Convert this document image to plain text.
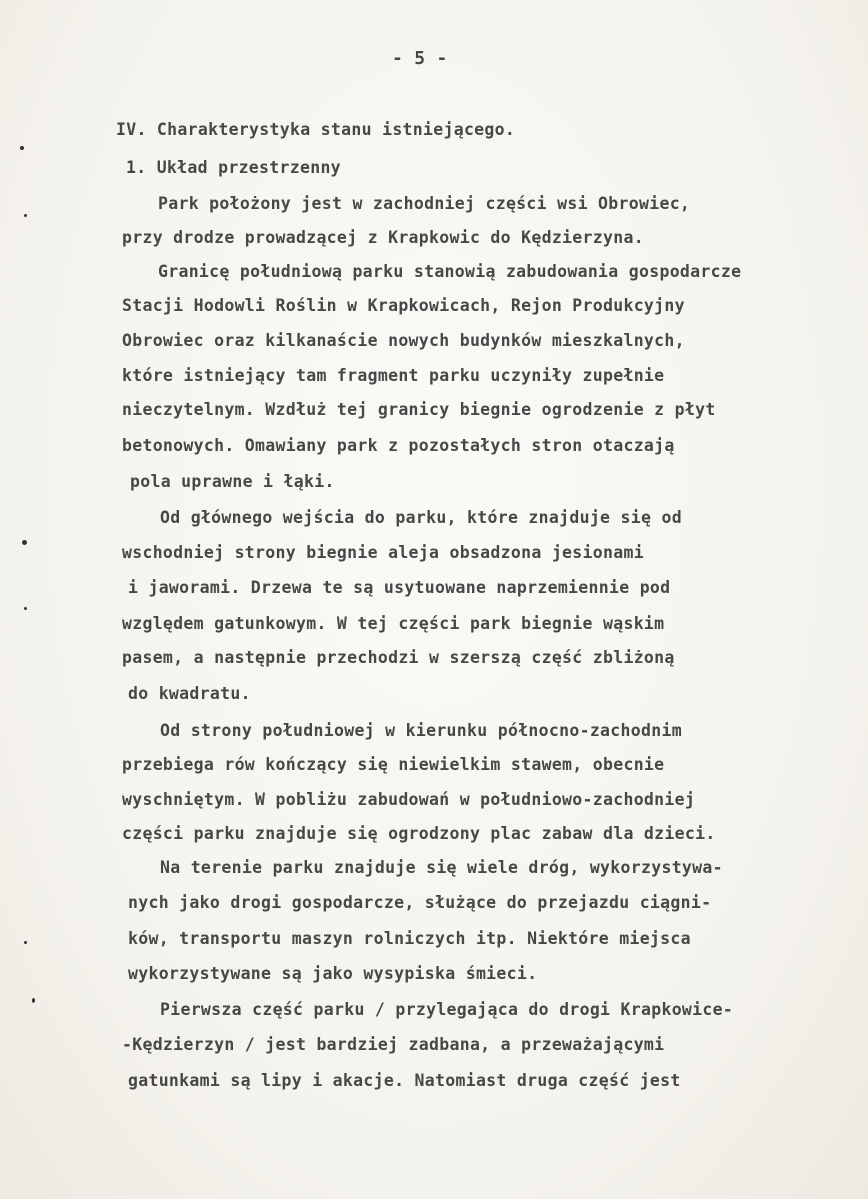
- 5 -
IV. Charakterystyka stanu istniejącego.
1. Układ przestrzenny
Park położony jest w zachodniej części wsi Obrowiec,
przy drodze prowadzącej z Krapkowic do Kędzierzyna.
Granicę południową parku stanowią zabudowania gospodarcze
Stacji Hodowli Roślin w Krapkowicach, Rejon Produkcyjny
Obrowiec oraz kilkanaście nowych budynków mieszkalnych,
które istniejący tam fragment parku uczyniły zupełnie
nieczytelnym. Wzdłuż tej granicy biegnie ogrodzenie z płyt
betonowych. Omawiany park z pozostałych stron otaczają
pola uprawne i łąki.
Od głównego wejścia do parku, które znajduje się od
wschodniej strony biegnie aleja obsadzona jesionami
i jaworami. Drzewa te są usytuowane naprzemiennie pod
względem gatunkowym. W tej części park biegnie wąskim
pasem, a następnie przechodzi w szerszą część zbliżoną
do kwadratu.
Od strony południowej w kierunku północno-zachodnim
przebiega rów kończący się niewielkim stawem, obecnie
wyschniętym. W pobliżu zabudowań w południowo-zachodniej
części parku znajduje się ogrodzony plac zabaw dla dzieci.
Na terenie parku znajduje się wiele dróg, wykorzystywa-
nych jako drogi gospodarcze, służące do przejazdu ciągni-
ków, transportu maszyn rolniczych itp. Niektóre miejsca
wykorzystywane są jako wysypiska śmieci.
Pierwsza część parku / przylegająca do drogi Krapkowice-
-Kędzierzyn / jest bardziej zadbana, a przeważającymi
gatunkami są lipy i akacje. Natomiast druga część jest
